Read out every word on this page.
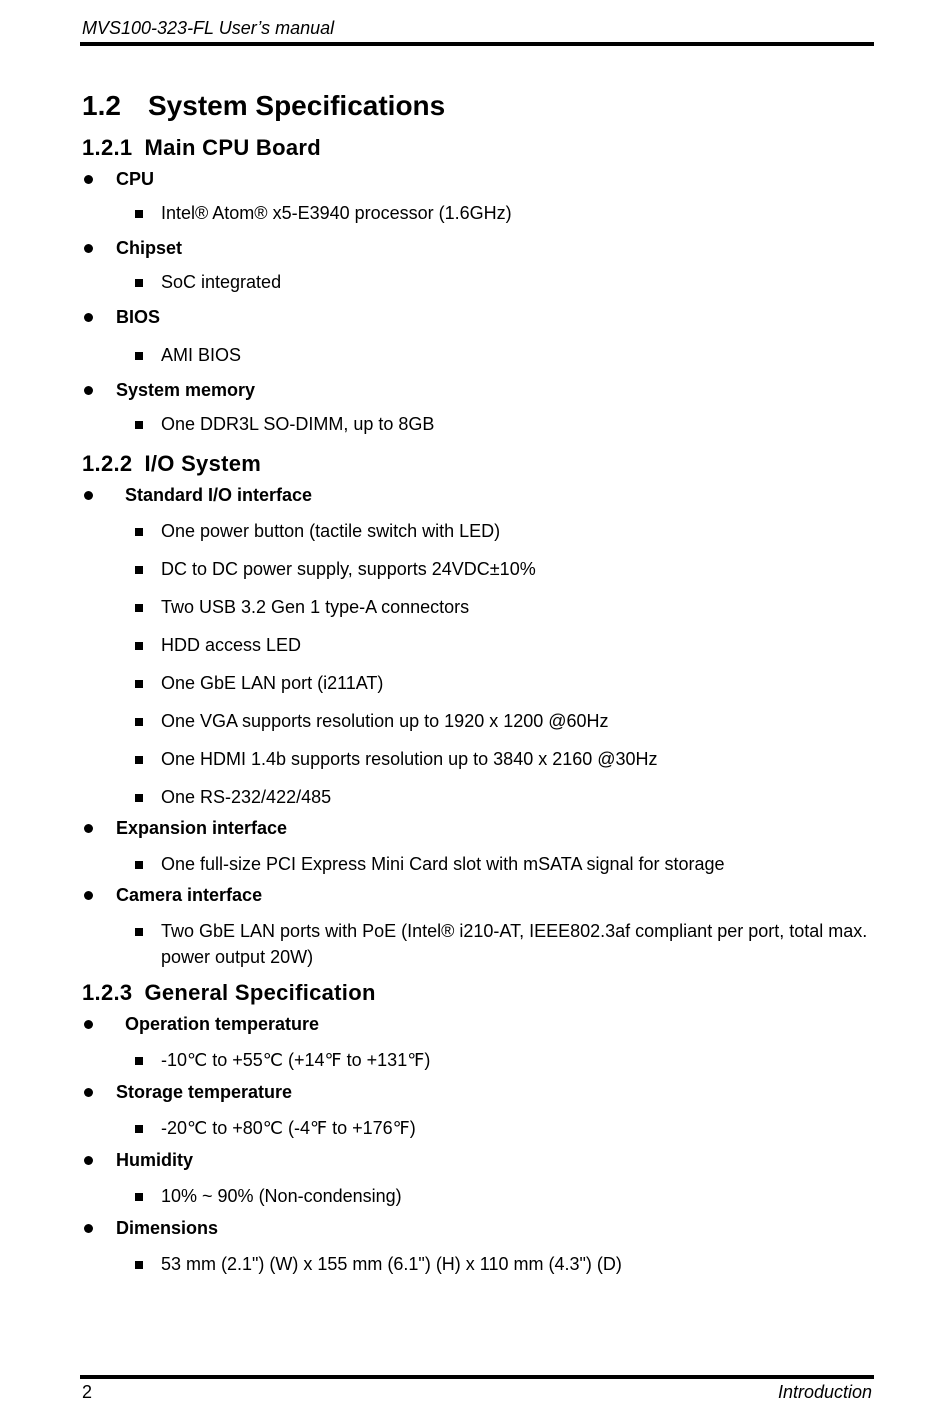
MVS100-323-FL User’s manual
1.2 System Specifications
1.2.1 Main CPU Board
CPU
Intel® Atom® x5-E3940 processor (1.6GHz)
Chipset
SoC integrated
BIOS
AMI BIOS
System memory
One DDR3L SO-DIMM, up to 8GB
1.2.2 I/O System
Standard I/O interface
One power button (tactile switch with LED)
DC to DC power supply, supports 24VDC±10%
Two USB 3.2 Gen 1 type-A connectors
HDD access LED
One GbE LAN port (i211AT)
One VGA supports resolution up to 1920 x 1200 @60Hz
One HDMI 1.4b supports resolution up to 3840 x 2160 @30Hz
One RS-232/422/485
Expansion interface
One full-size PCI Express Mini Card slot with mSATA signal for storage
Camera interface
Two GbE LAN ports with PoE (Intel® i210-AT, IEEE802.3af compliant per port, total max. power output 20W)
1.2.3 General Specification
Operation temperature
-10℃ to +55℃ (+14℉ to +131℉)
Storage temperature
-20℃ to +80℃ (-4℉ to +176℉)
Humidity
10% ~ 90% (Non-condensing)
Dimensions
53 mm (2.1") (W) x 155 mm (6.1") (H) x 110 mm (4.3") (D)
2	Introduction
